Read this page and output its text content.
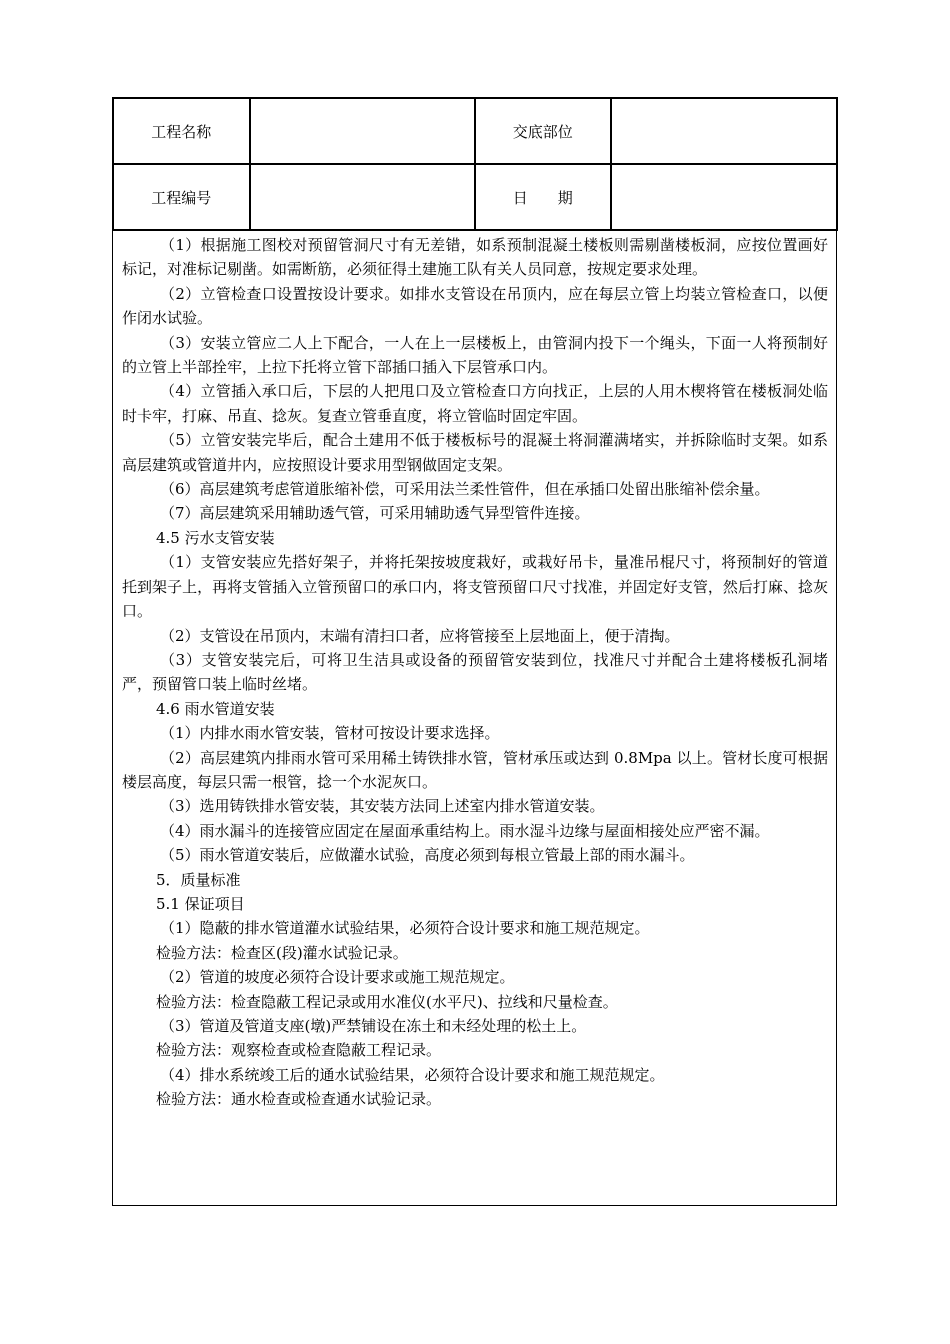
工程名称		交底部位	
工程编号		日　　期	

（1）根据施工图校对预留管洞尺寸有无差错，如系预制混凝土楼板则需剔凿楼板洞，应按位置画好标记，对准标记剔凿。如需断筋，必须征得土建施工队有关人员同意，按规定要求处理。

（2）立管检查口设置按设计要求。如排水支管设在吊顶内，应在每层立管上均装立管检查口，以便作闭水试验。

（3）安装立管应二人上下配合，一人在上一层楼板上，由管洞内投下一个绳头，下面一人将预制好的立管上半部拴牢，上拉下托将立管下部插口插入下层管承口内。

（4）立管插入承口后，下层的人把甩口及立管检查口方向找正，上层的人用木楔将管在楼板洞处临时卡牢，打麻、吊直、捻灰。复查立管垂直度，将立管临时固定牢固。

（5）立管安装完毕后，配合土建用不低于楼板标号的混凝土将洞灌满堵实，并拆除临时支架。如系高层建筑或管道井内，应按照设计要求用型钢做固定支架。

（6）高层建筑考虑管道胀缩补偿，可采用法兰柔性管件，但在承插口处留出胀缩补偿余量。

（7）高层建筑采用辅助透气管，可采用辅助透气异型管件连接。

4.5 污水支管安装

（1）支管安装应先搭好架子，并将托架按坡度栽好，或栽好吊卡，量准吊棍尺寸，将预制好的管道托到架子上，再将支管插入立管预留口的承口内，将支管预留口尺寸找准，并固定好支管，然后打麻、捻灰口。

（2）支管设在吊顶内，末端有清扫口者，应将管接至上层地面上，便于清掏。

（3）支管安装完后，可将卫生洁具或设备的预留管安装到位，找准尺寸并配合土建将楼板孔洞堵严，预留管口装上临时丝堵。

4.6 雨水管道安装

（1）内排水雨水管安装，管材可按设计要求选择。

（2）高层建筑内排雨水管可采用稀土铸铁排水管，管材承压或达到 0.8Mpa 以上。管材长度可根据楼层高度，每层只需一根管，捻一个水泥灰口。

（3）选用铸铁排水管安装，其安装方法同上述室内排水管道安装。

（4）雨水漏斗的连接管应固定在屋面承重结构上。雨水湿斗边缘与屋面相接处应严密不漏。

（5）雨水管道安装后，应做灌水试验，高度必须到每根立管最上部的雨水漏斗。

5．质量标准

5.1 保证项目

（1）隐蔽的排水管道灌水试验结果，必须符合设计要求和施工规范规定。

检验方法：检查区(段)灌水试验记录。

（2）管道的坡度必须符合设计要求或施工规范规定。

检验方法：检查隐蔽工程记录或用水准仪(水平尺)、拉线和尺量检查。

（3）管道及管道支座(墩)严禁铺设在冻土和未经处理的松土上。

检验方法：观察检查或检查隐蔽工程记录。

（4）排水系统竣工后的通水试验结果，必须符合设计要求和施工规范规定。

检验方法：通水检查或检查通水试验记录。
